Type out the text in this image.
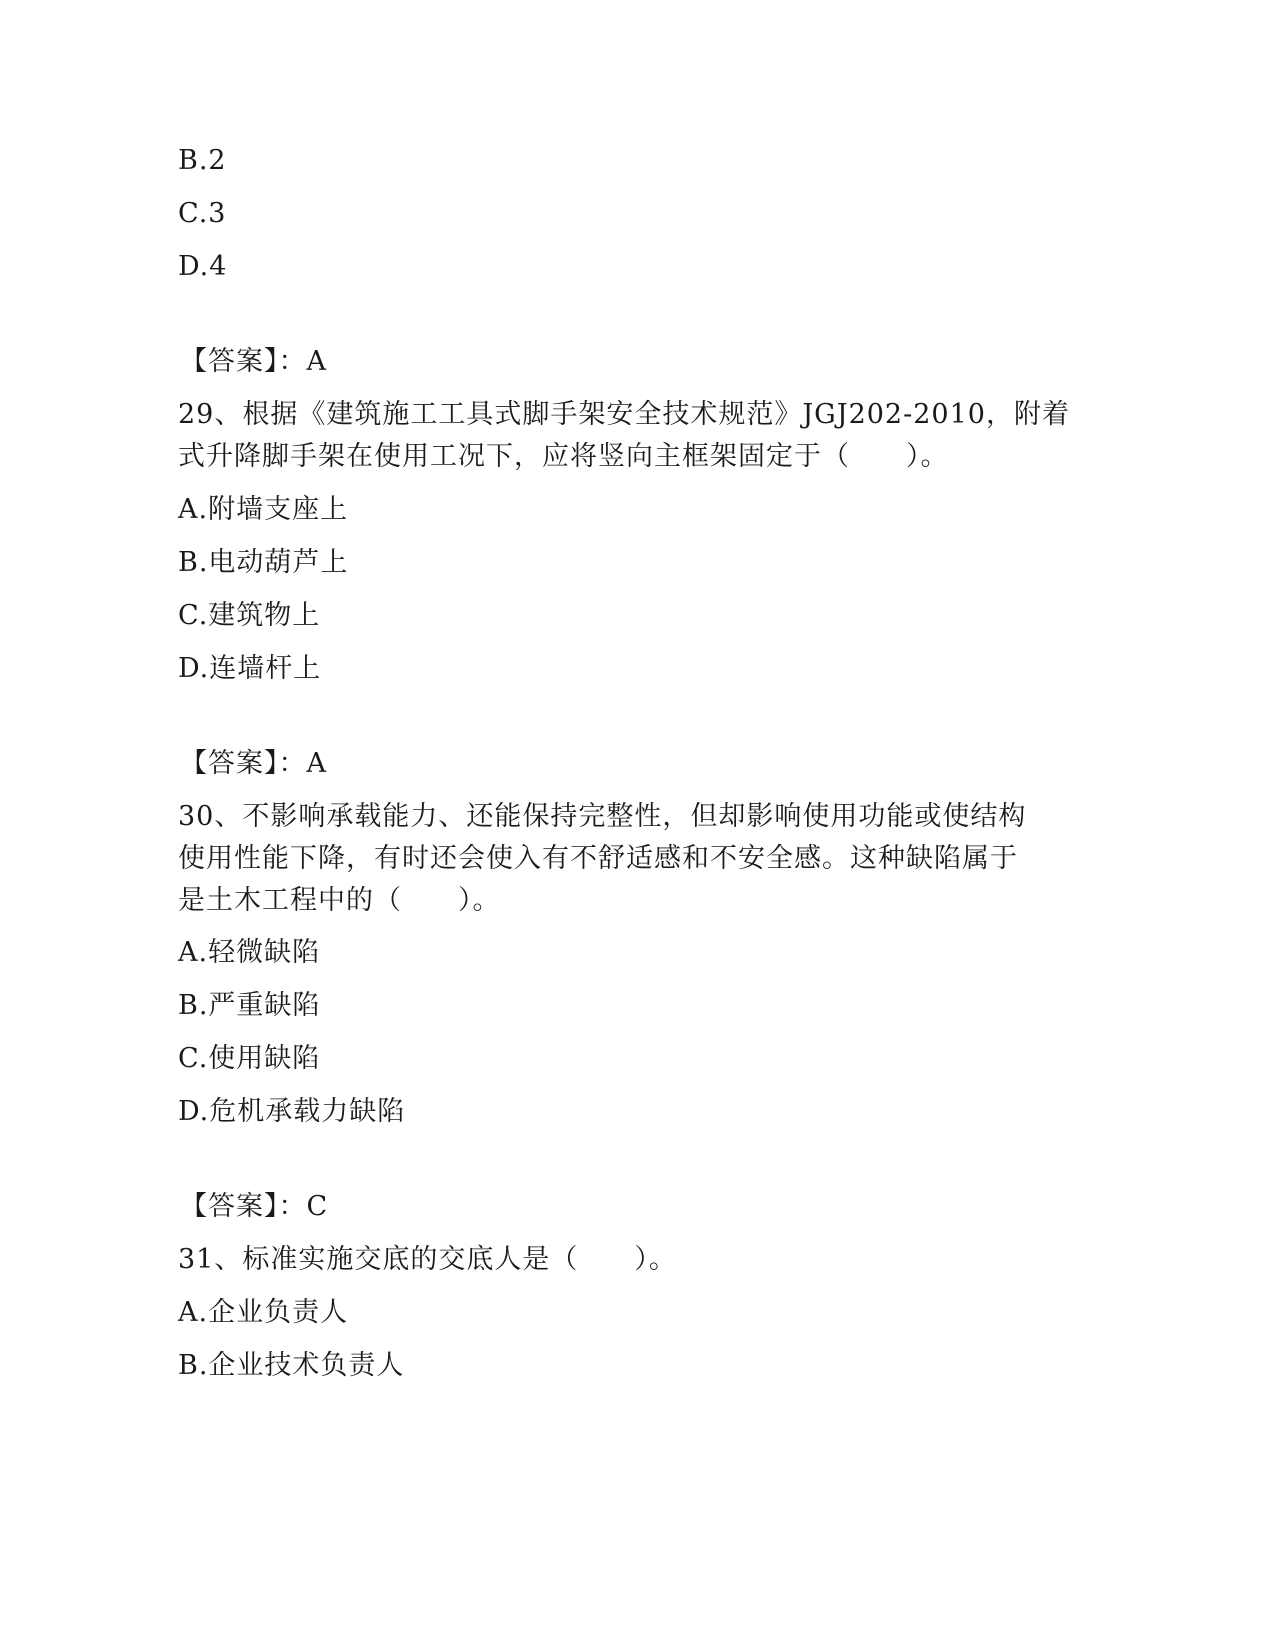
B.2
C.3
D.4
【答案】：A
29、根据《建筑施工工具式脚手架安全技术规范》JGJ202-2010，附着
式升降脚手架在使用工况下，应将竖向主框架固定于（　　）。
A.附墙支座上
B.电动葫芦上
C.建筑物上
D.连墙杆上
【答案】：A
30、不影响承载能力、还能保持完整性，但却影响使用功能或使结构
使用性能下降，有时还会使入有不舒适感和不安全感。这种缺陷属于
是土木工程中的（　　）。
A.轻微缺陷
B.严重缺陷
C.使用缺陷
D.危机承载力缺陷
【答案】：C
31、标准实施交底的交底人是（　　）。
A.企业负责人
B.企业技术负责人
